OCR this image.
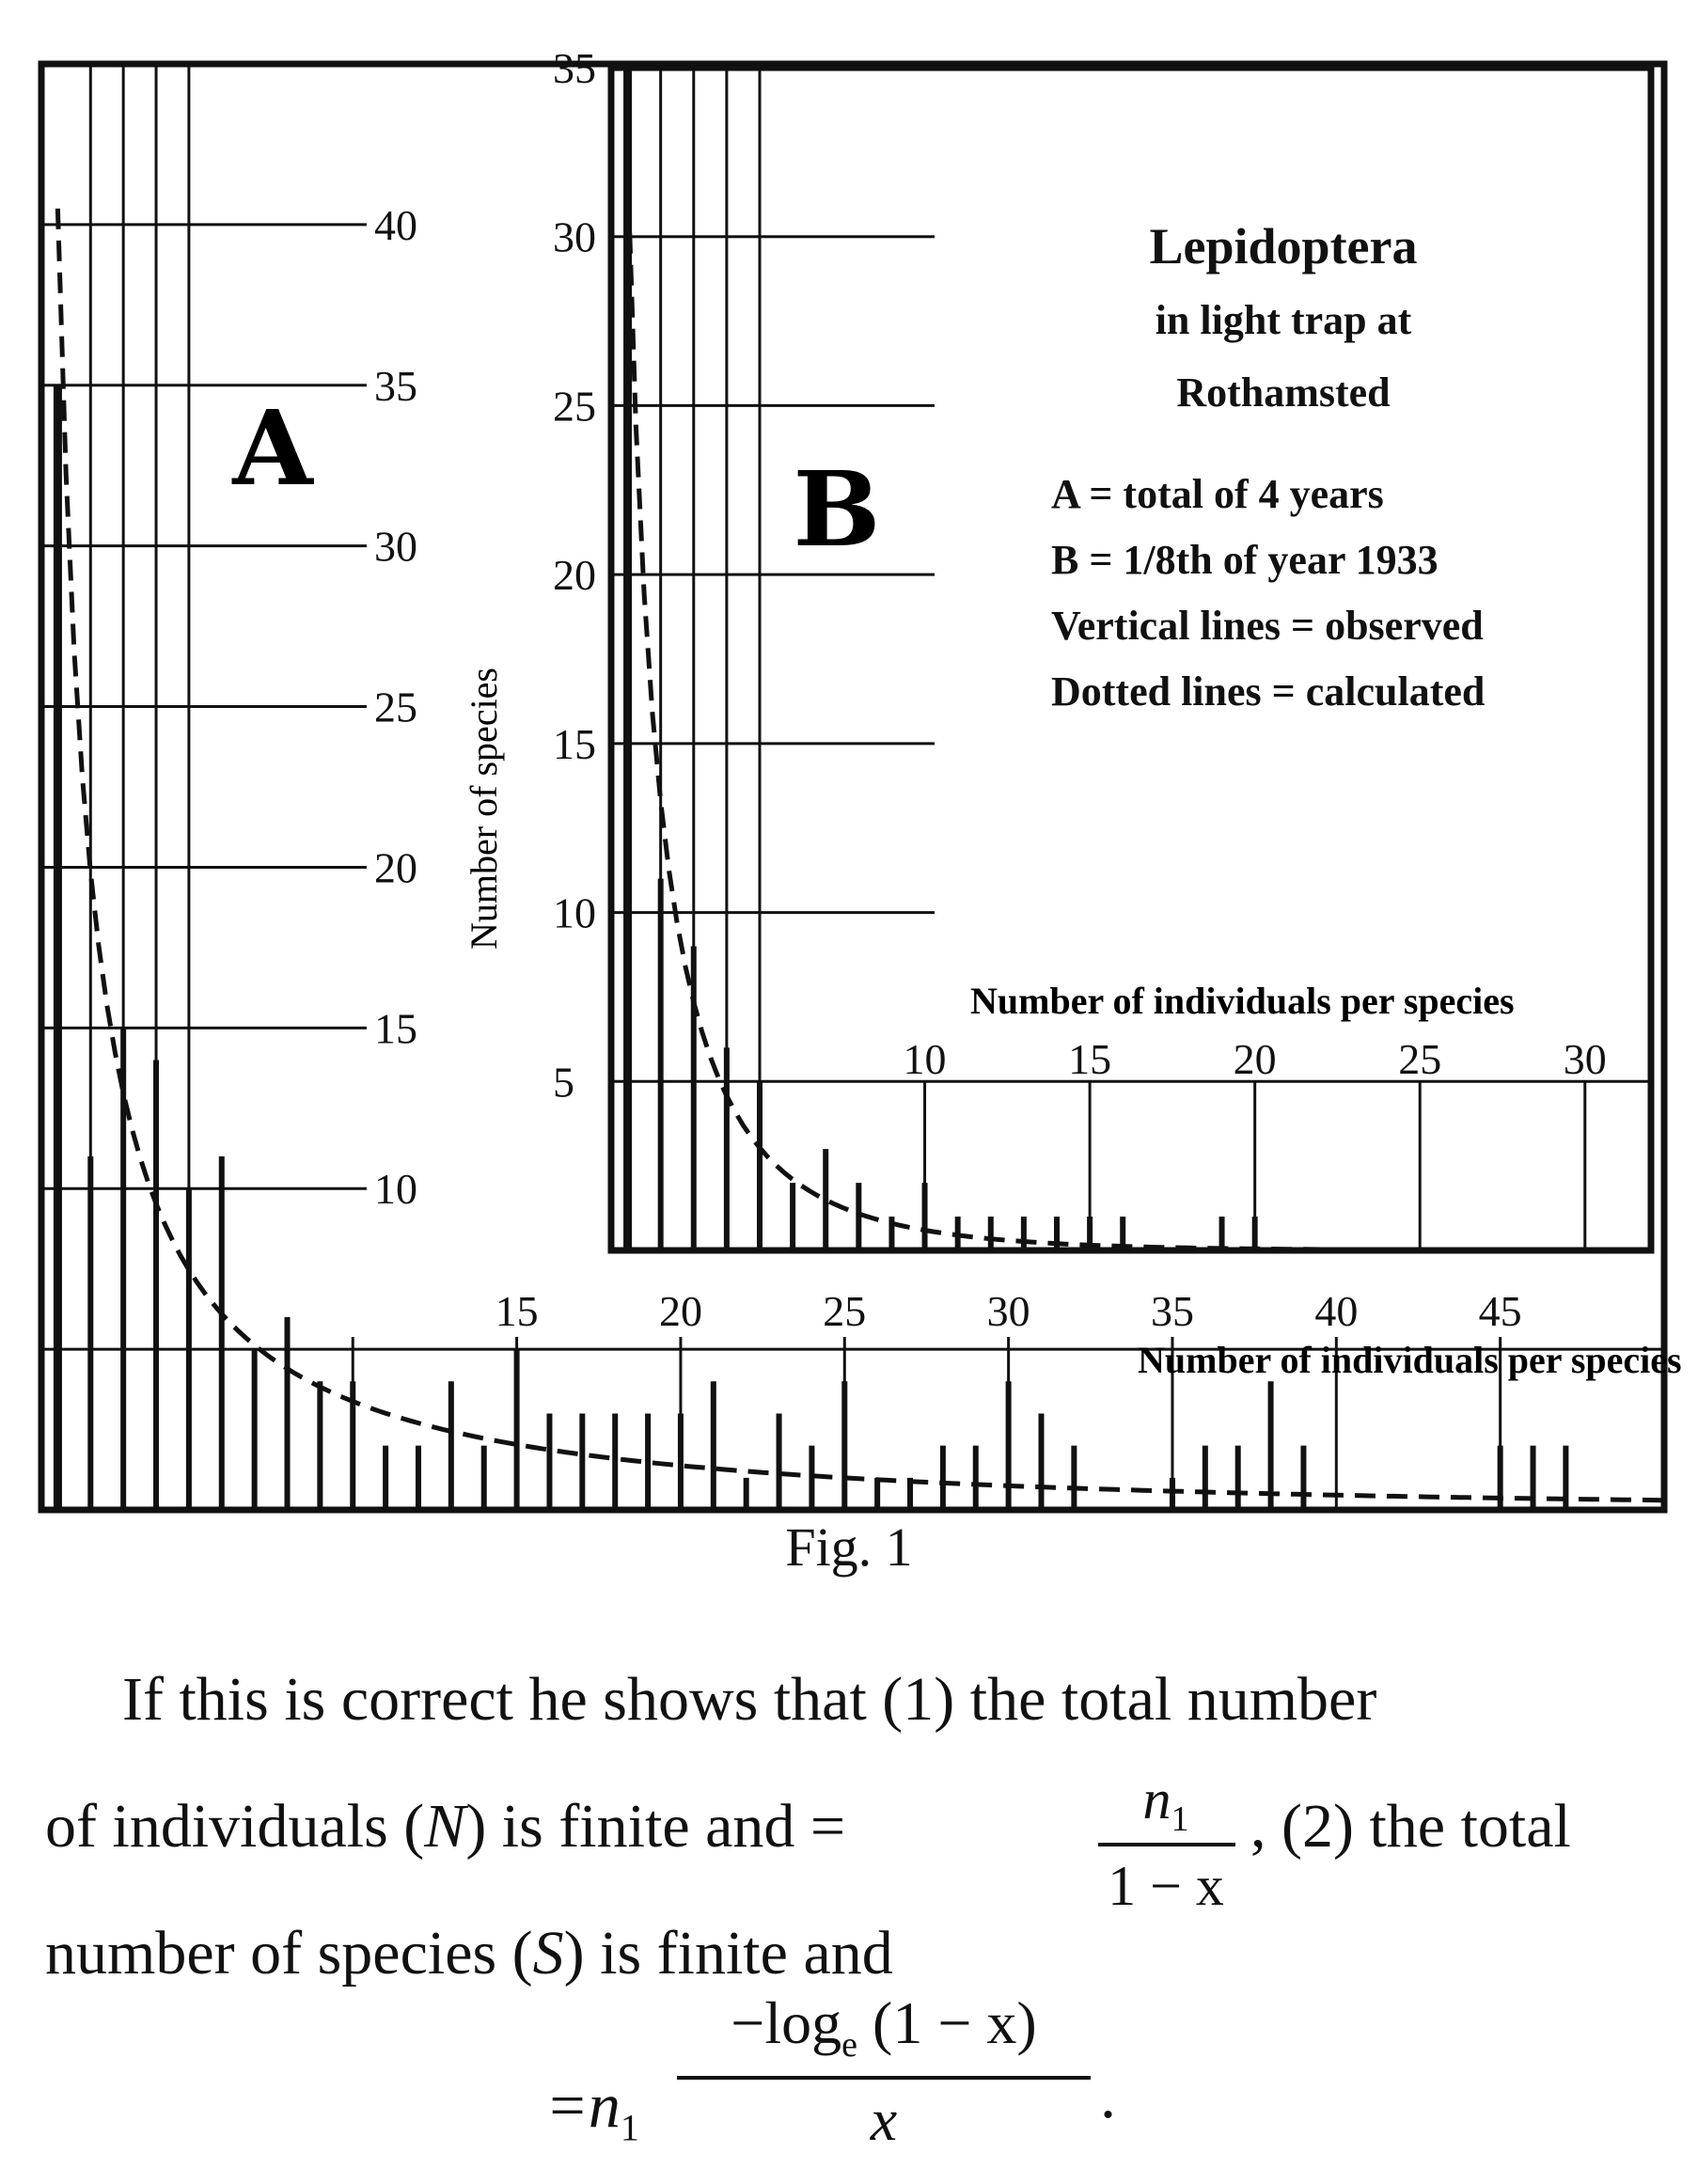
10
15
20
25
30
35
40
15	20	25	30	35	40	45
5
10
15
20
25
30
35
10	15	20	25	30
A
B
Number of species
Number of individuals per species
Number of individuals per species
Lepidoptera
in light trap at
Rothamsted
A = total of 4 years
B = 1/8th of year 1933
Vertical lines = observed
Dotted lines = calculated
Fig. 1
If this is correct he shows that (1) the total number
of individuals (N) is finite and =	$n_1$
1 − x
, (2) the total
number of species (S) is finite and
$=n_1$
$-\log_e$ (1 − x)
x	.
